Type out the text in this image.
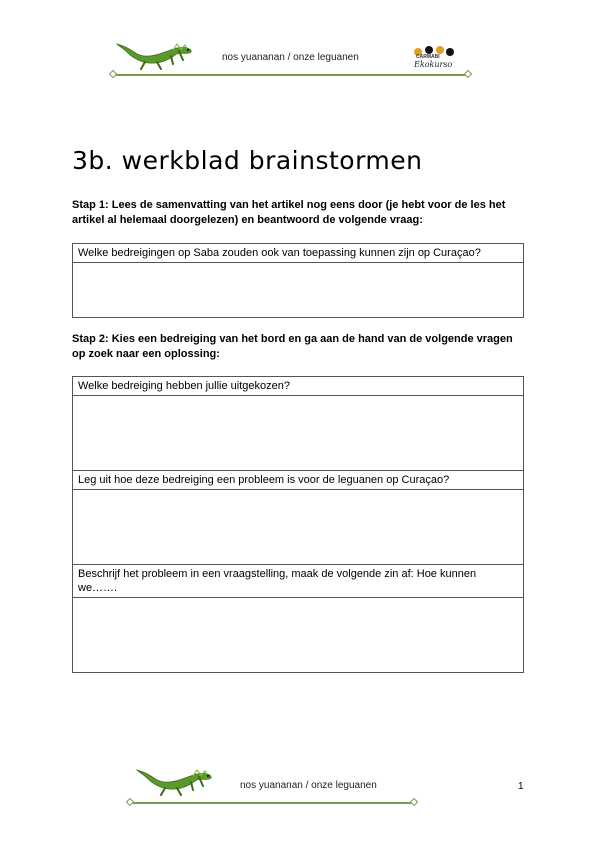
nos yuananan / onze leguanen	CARMABI
Ekokurso
3b. werkblad brainstormen
Stap 1: Lees de samenvatting van het artikel nog eens door (je hebt voor de les het artikel al helemaal doorgelezen) en beantwoord de volgende vraag:
Welke bedreigingen op Saba zouden ook van toepassing kunnen zijn op Curaçao?

Stap 2: Kies een bedreiging van het bord en ga aan de hand van de volgende vragen op zoek naar een oplossing:
Welke bedreiging hebben jullie uitgekozen?

Leg uit hoe deze bedreiging een probleem is voor de leguanen op Curaçao?

Beschrijf het probleem in een vraagstelling, maak de volgende zin af: Hoe kunnen we…….

nos yuananan / onze leguanen	1
